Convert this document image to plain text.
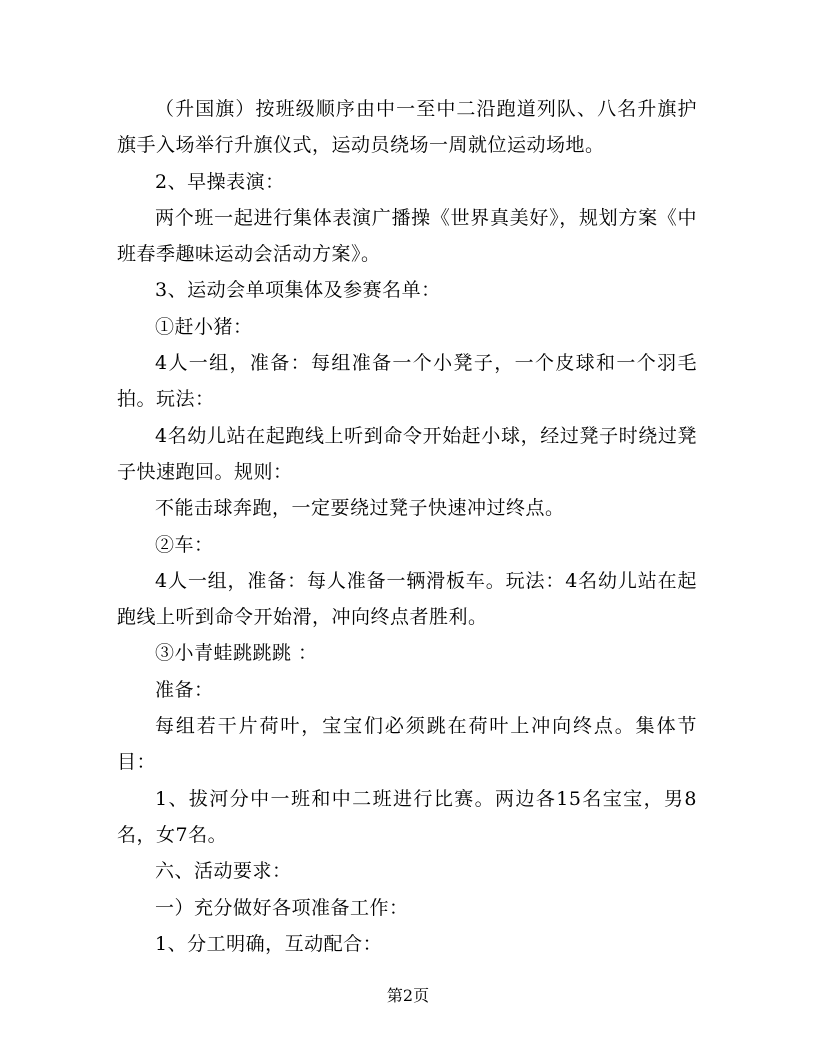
（升国旗）按班级顺序由中一至中二沿跑道列队、八名升旗护旗手入场举行升旗仪式，运动员绕场一周就位运动场地。

2、早操表演：

两个班一起进行集体表演广播操《世界真美好》，规划方案《中班春季趣味运动会活动方案》。

3、运动会单项集体及参赛名单：

①赶小猪：

4人一组，准备：每组准备一个小凳子，一个皮球和一个羽毛拍。玩法：

4名幼儿站在起跑线上听到命令开始赶小球，经过凳子时绕过凳子快速跑回。规则：

不能击球奔跑，一定要绕过凳子快速冲过终点。

②车：

4人一组，准备：每人准备一辆滑板车。玩法：4名幼儿站在起跑线上听到命令开始滑，冲向终点者胜利。

③小青蛙跳跳跳 ：

准备：

每组若干片荷叶，宝宝们必须跳在荷叶上冲向终点。集体节目：

1、拔河分中一班和中二班进行比赛。两边各15名宝宝，男8名，女7名。

六、活动要求：

一）充分做好各项准备工作：

1、分工明确，互动配合：

第2页
